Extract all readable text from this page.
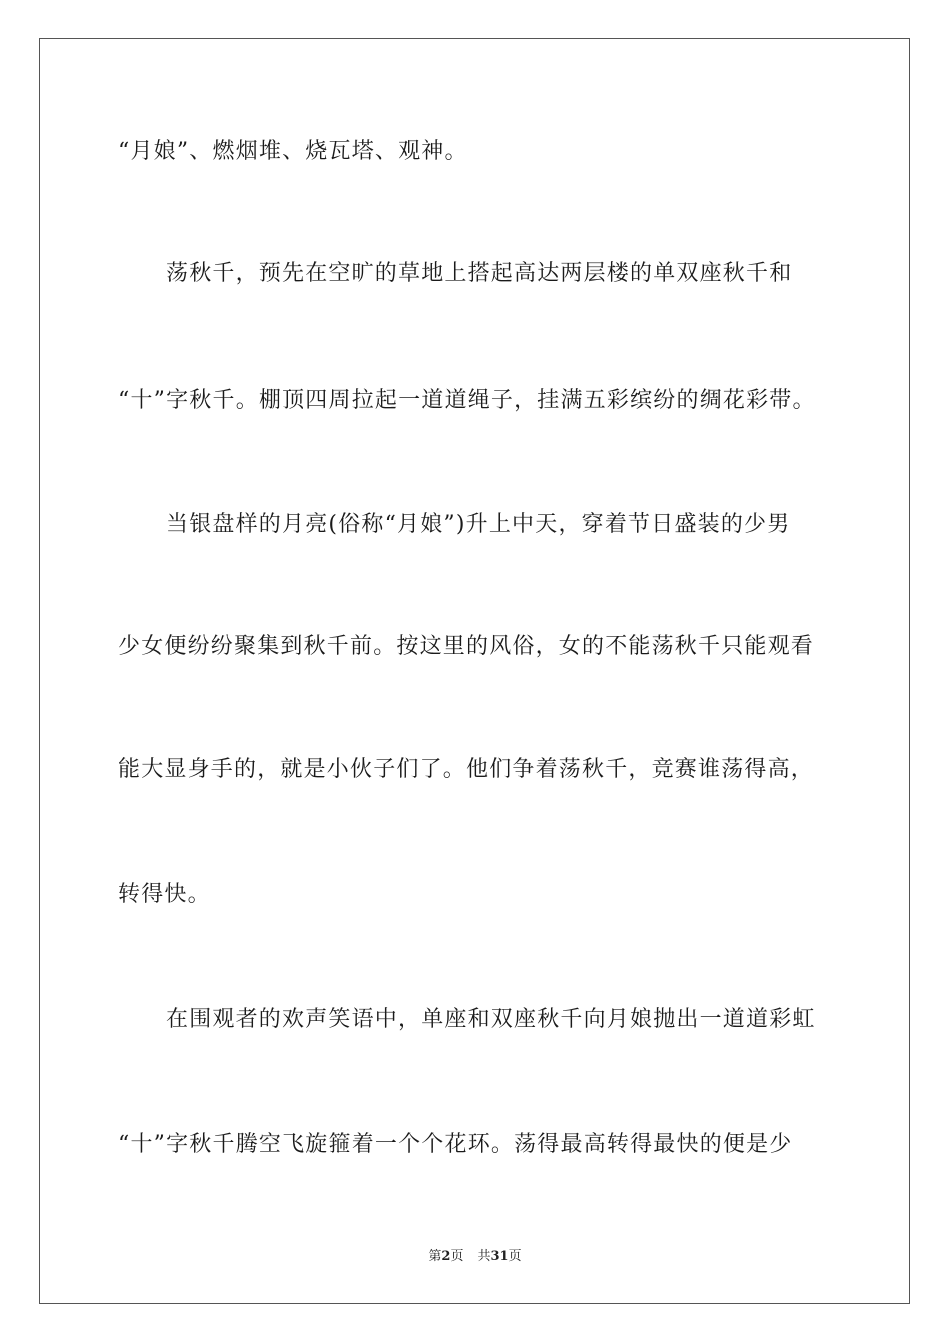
“月娘”、燃烟堆、烧瓦塔、观神。
荡秋千，预先在空旷的草地上搭起高达两层楼的单双座秋千和
“十”字秋千。棚顶四周拉起一道道绳子，挂满五彩缤纷的绸花彩带。
当银盘样的月亮(俗称“月娘”)升上中天，穿着节日盛装的少男
少女便纷纷聚集到秋千前。按这里的风俗，女的不能荡秋千只能观看
能大显身手的，就是小伙子们了。他们争着荡秋千，竞赛谁荡得高，
转得快。
在围观者的欢声笑语中，单座和双座秋千向月娘抛出一道道彩虹
“十”字秋千腾空飞旋箍着一个个花环。荡得最高转得最快的便是少
第2页 共31页
